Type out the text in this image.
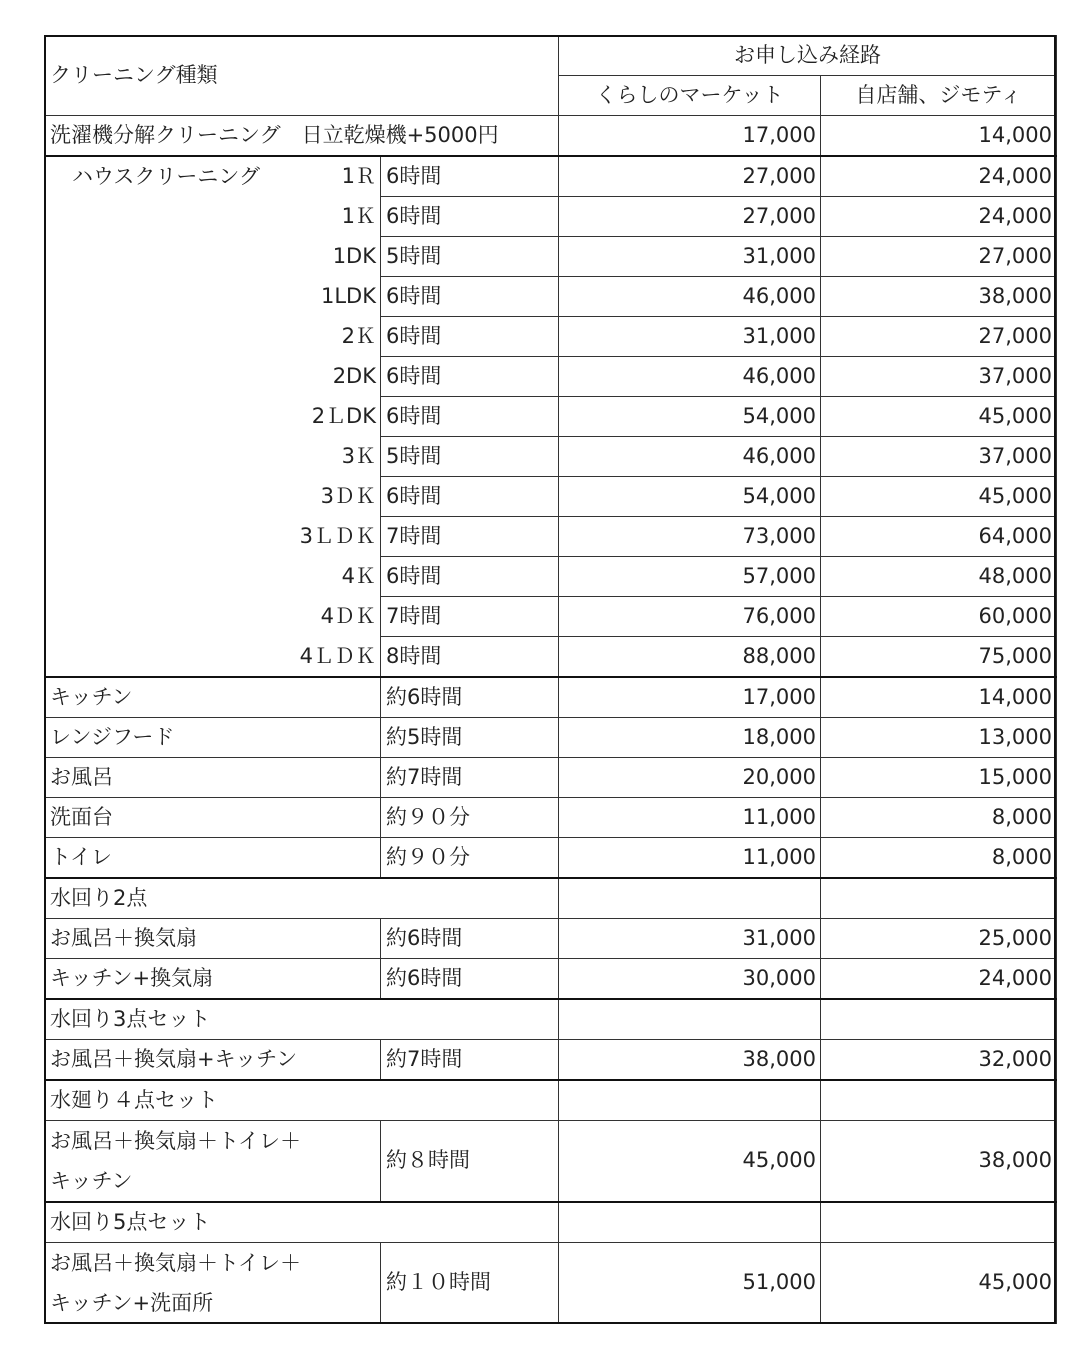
クリーニング種類		お申し込み経路	
		くらしのマーケット	自店舗、ジモティ
洗濯機分解クリーニング　日立乾燥機+5000円		17,000	14,000

ハウスクリーニング 1Ｒ	6時間	27,000	24,000
1Ｋ	6時間	27,000	24,000
1DK	5時間	31,000	27,000
1LDK	6時間	46,000	38,000
2Ｋ	6時間	31,000	27,000
2DK	6時間	46,000	37,000
2ＬDK	6時間	54,000	45,000
3Ｋ	5時間	46,000	37,000
3ＤＫ	6時間	54,000	45,000
3ＬＤＫ	7時間	73,000	64,000
4Ｋ	6時間	57,000	48,000
4ＤＫ	7時間	76,000	60,000
4ＬＤＫ	8時間	88,000	75,000
キッチン	約6時間	17,000	14,000
レンジフード	約5時間	18,000	13,000
お風呂	約7時間	20,000	15,000
洗面台	約９０分	11,000	8,000
トイレ	約９０分	11,000	8,000
水回り2点			
お風呂＋換気扇	約6時間	31,000	25,000
キッチン+換気扇	約6時間	30,000	24,000
水回り3点セット			
お風呂＋換気扇+キッチン	約7時間	38,000	32,000
水廻り４点セット			

お風呂＋換気扇＋トイレ＋
キッチン	約８時間	45,000	38,000
水回り5点セット			

お風呂＋換気扇＋トイレ＋
キッチン+洗面所	約１０時間	51,000	45,000
